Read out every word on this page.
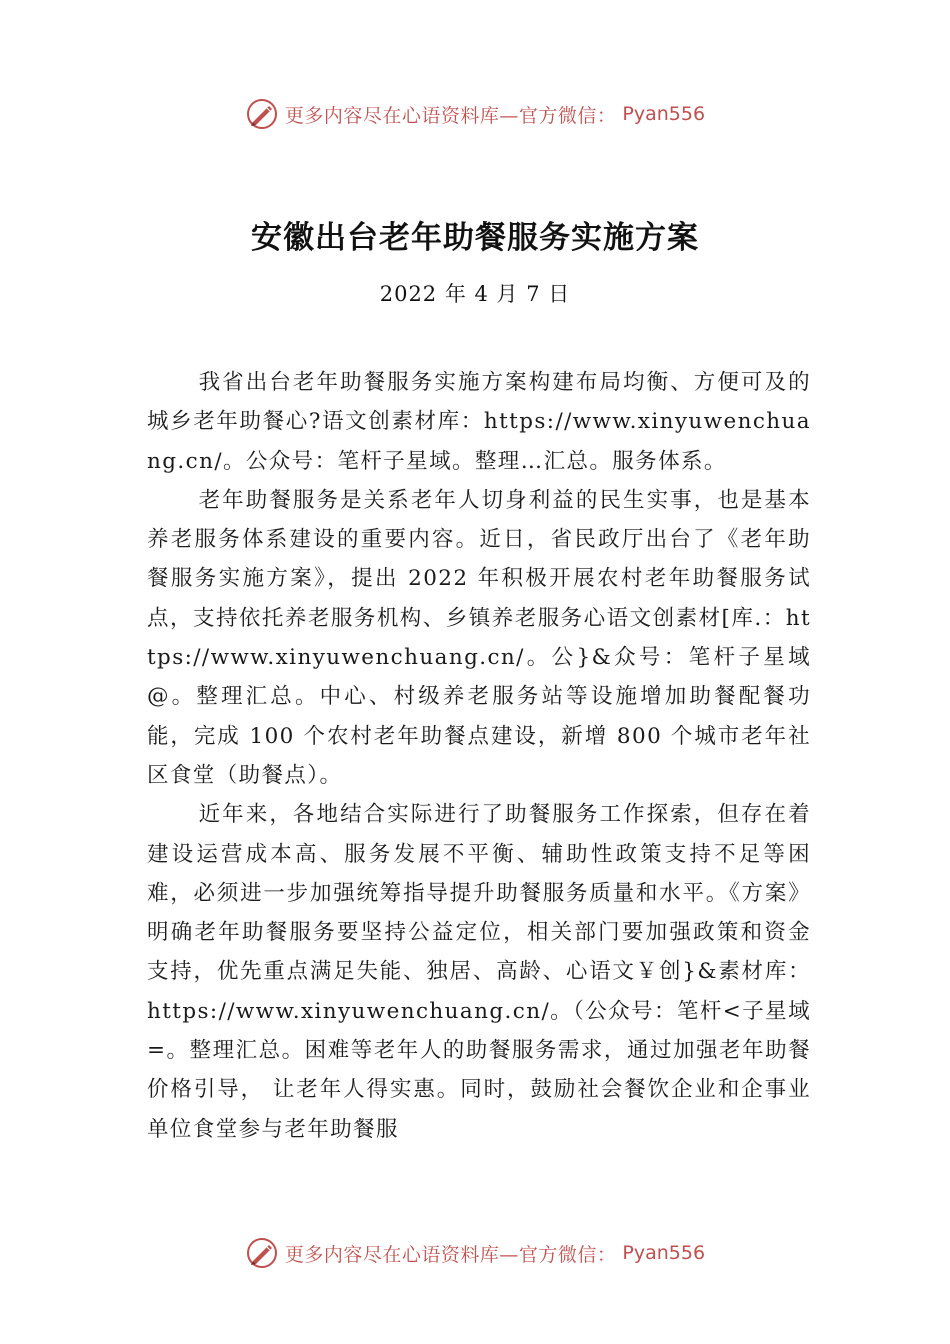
更多内容尽在心语资料库—官方微信： Pyan556
安徽出台老年助餐服务实施方案
2022 年 4 月 7 日

我省出台老年助餐服务实施方案构建布局均衡、方便可及的城乡老年助餐心?语文创素材库：https://www.xinyuwenchuang.cn/。公众号：笔杆子星域。整理…汇总。服务体系。

老年助餐服务是关系老年人切身利益的民生实事，也是基本养老服务体系建设的重要内容。近日，省民政厅出台了《老年助餐服务实施方案》，提出 2022 年积极开展农村老年助餐服务试点，支持依托养老服务机构、乡镇养老服务心语文创素材[库.：https://www.xinyuwenchuang.cn/。公}&众号：笔杆子星域@。整理汇总。中心、村级养老服务站等设施增加助餐配餐功能，完成 100 个农村老年助餐点建设，新增 800 个城市老年社区食堂（助餐点）。

近年来，各地结合实际进行了助餐服务工作探索，但存在着建设运营成本高、服务发展不平衡、辅助性政策支持不足等困难，必须进一步加强统筹指导提升助餐服务质量和水平。《方案》明确老年助餐服务要坚持公益定位，相关部门要加强政策和资金支持，优先重点满足失能、独居、高龄、心语文￥创}&素材库：https://www.xinyuwenchuang.cn/。（公众号：笔杆<子星域=。整理汇总。困难等老年人的助餐服务需求，通过加强老年助餐价格引导， 让老年人得实惠。同时，鼓励社会餐饮企业和企事业单位食堂参与老年助餐服

更多内容尽在心语资料库—官方微信： Pyan556
